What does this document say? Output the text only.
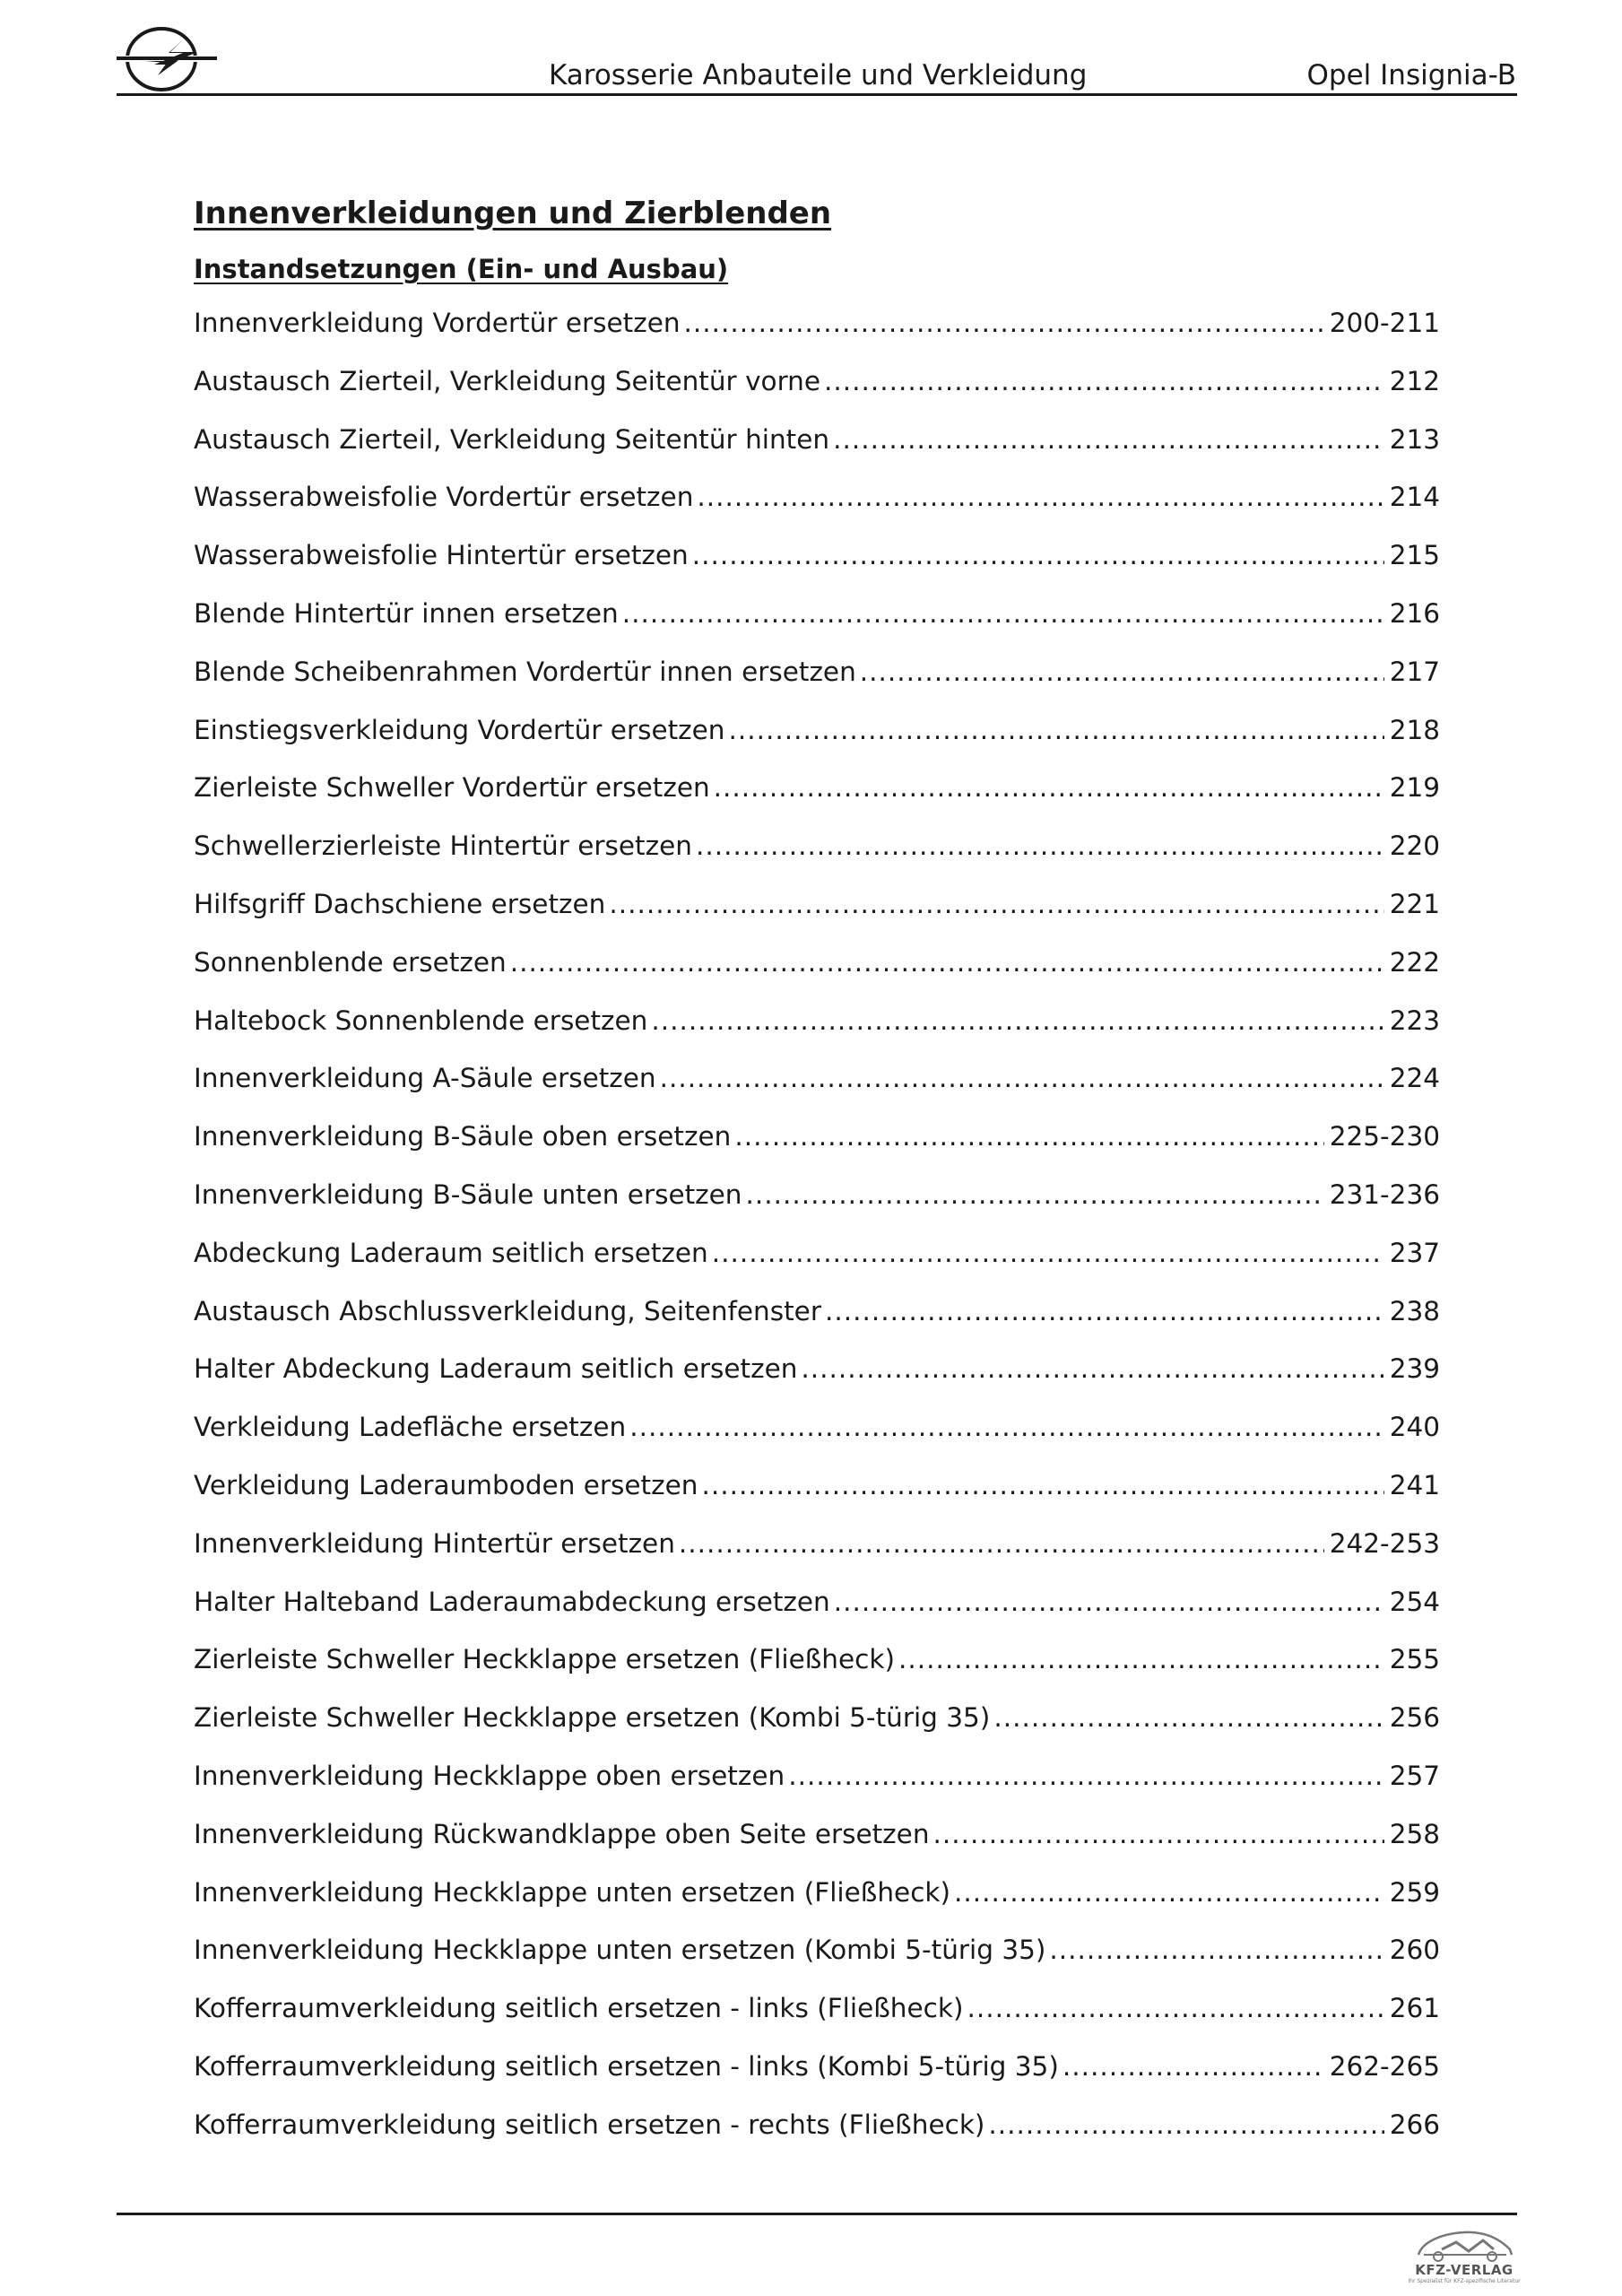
Karosserie Anbauteile und Verkleidung	Opel Insignia-B
Innenverkleidungen und Zierblenden
Instandsetzungen (Ein- und Ausbau)
Innenverkleidung Vordertür ersetzen .....	200-211
Austausch Zierteil, Verkleidung Seitentür vorne .....	212
Austausch Zierteil, Verkleidung Seitentür hinten .....	213
Wasserabweisfolie Vordertür ersetzen .....	214
Wasserabweisfolie Hintertür ersetzen .....	215
Blende Hintertür innen ersetzen .....	216
Blende Scheibenrahmen Vordertür innen ersetzen .....	217
Einstiegsverkleidung Vordertür ersetzen .....	218
Zierleiste Schweller Vordertür ersetzen .....	219
Schwellerzierleiste Hintertür ersetzen .....	220
Hilfsgriff Dachschiene ersetzen .....	221
Sonnenblende ersetzen .....	222
Haltebock Sonnenblende ersetzen .....	223
Innenverkleidung A-Säule ersetzen .....	224
Innenverkleidung B-Säule oben ersetzen .....	225-230
Innenverkleidung B-Säule unten ersetzen .....	231-236
Abdeckung Laderaum seitlich ersetzen .....	237
Austausch Abschlussverkleidung, Seitenfenster .....	238
Halter Abdeckung Laderaum seitlich ersetzen .....	239
Verkleidung Ladefläche ersetzen .....	240
Verkleidung Laderaumboden ersetzen .....	241
Innenverkleidung Hintertür ersetzen .....	242-253
Halter Halteband Laderaumabdeckung ersetzen .....	254
Zierleiste Schweller Heckklappe ersetzen (Fließheck) .....	255
Zierleiste Schweller Heckklappe ersetzen (Kombi 5-türig 35) .....	256
Innenverkleidung Heckklappe oben ersetzen .....	257
Innenverkleidung Rückwandklappe oben Seite ersetzen .....	258
Innenverkleidung Heckklappe unten ersetzen (Fließheck) .....	259
Innenverkleidung Heckklappe unten ersetzen (Kombi 5-türig 35) .....	260
Kofferraumverkleidung seitlich ersetzen - links (Fließheck) .....	261
Kofferraumverkleidung seitlich ersetzen - links (Kombi 5-türig 35) .....	262-265
Kofferraumverkleidung seitlich ersetzen - rechts (Fließheck) .....	266
KFZ-VERLAG
Ihr Spezialist für KFZ-spezifische Literatur
